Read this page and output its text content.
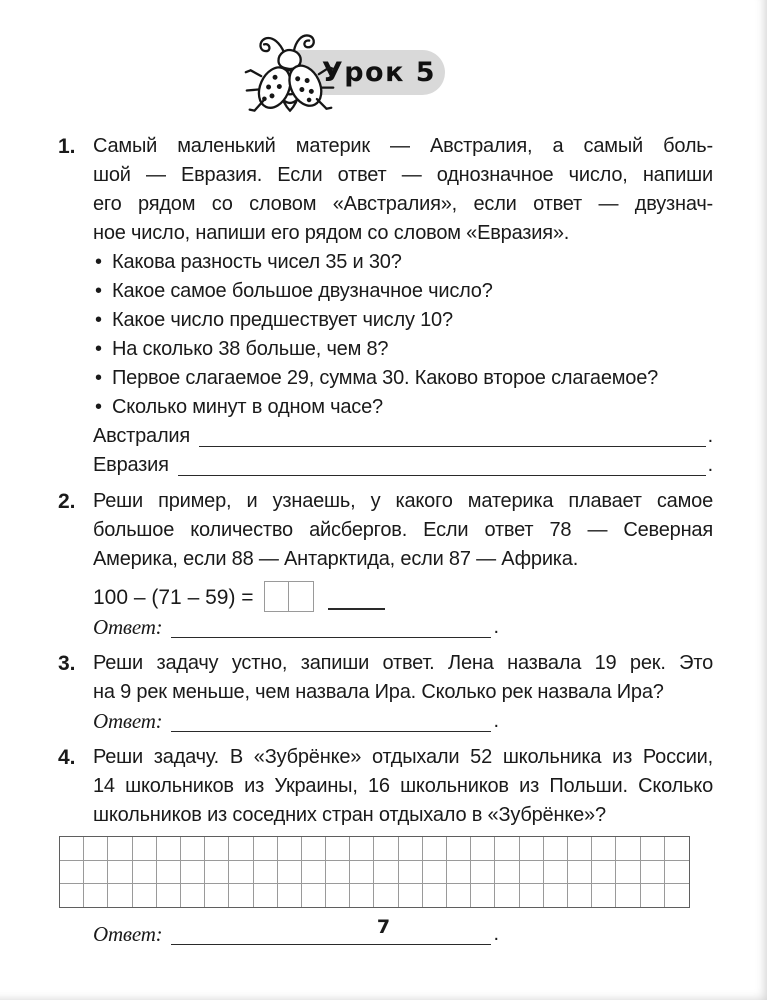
Урок 5
1. Самый маленький материк — Австралия, а самый боль-
шой — Евразия. Если ответ — однозначное число, напиши
его рядом со словом «Австралия», если ответ — двузнач-
ное число, напиши его рядом со словом «Евразия».
• Какова разность чисел 35 и 30?
• Какое самое большое двузначное число?
• Какое число предшествует числу 10?
• На сколько 38 больше, чем 8?
• Первое слагаемое 29, сумма 30. Каково второе слагаемое?
• Сколько минут в одном часе?
Австралия	.
Евразия	.
2. Реши пример, и узнаешь, у какого материка плавает самое
большое количество айсбергов. Если ответ 78 — Северная
Америка, если 88 — Антарктида, если 87 — Африка.
100 – (71 – 59) =
Ответ:	.
3. Реши задачу устно, запиши ответ. Лена назвала 19 рек. Это
на 9 рек меньше, чем назвала Ира. Сколько рек назвала Ира?
Ответ:	.
4. Реши задачу. В «Зубрёнке» отдыхали 52 школьника из России,
14 школьников из Украины, 16 школьников из Польши. Сколько
школьников из соседних стран отдыхало в «Зубрёнке»?
Ответ:	.
7
